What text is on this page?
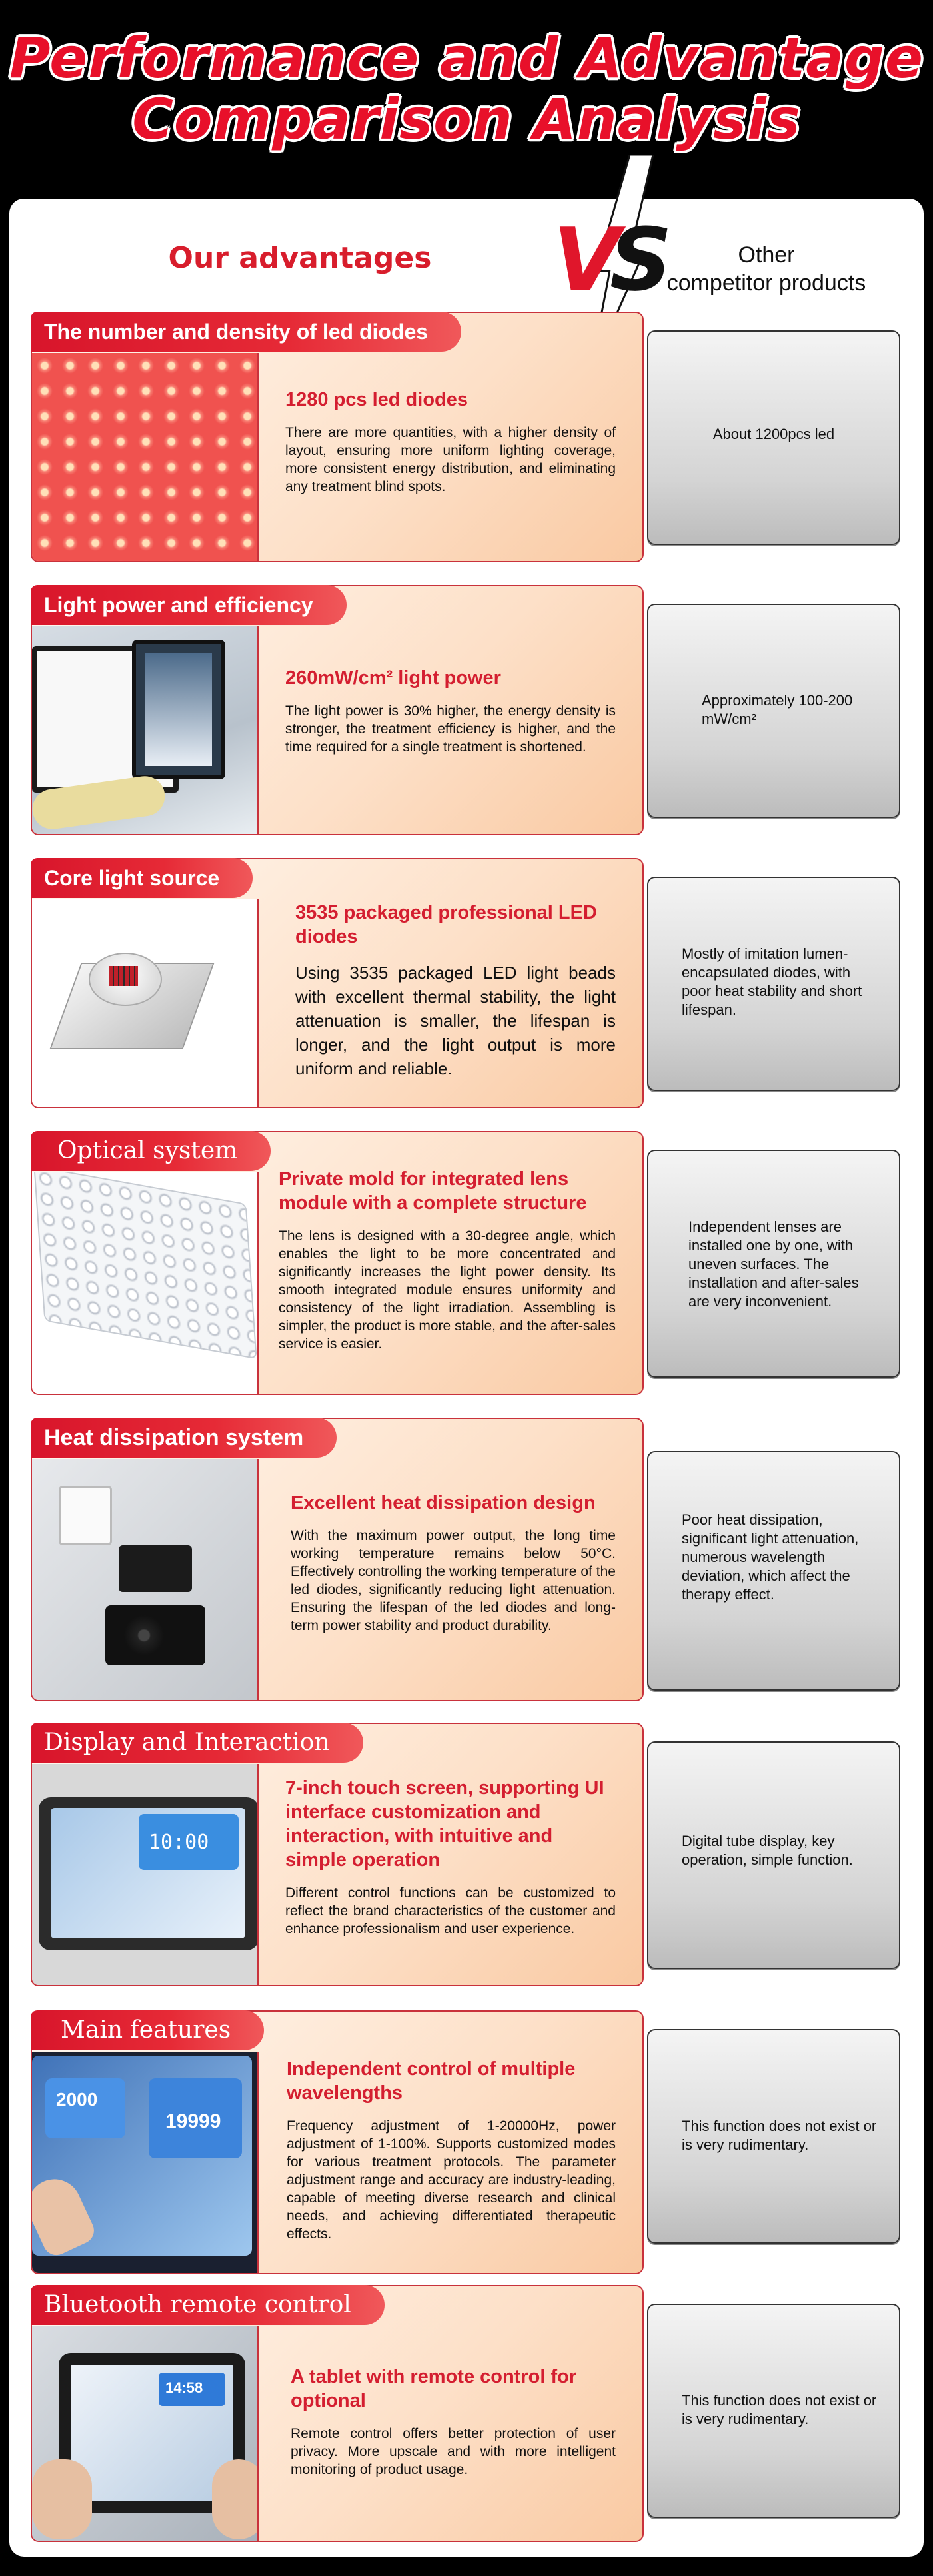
Performance and Advantage
Comparison Analysis
Our advantages V
S	Other
competitor products
1280 pcs led diodes
There are more quantities, with a higher density of layout, ensuring more uniform lighting coverage, more consistent energy distribution, and eliminating any treatment blind spots.
The number and density of led diodes
About 1200pcs led
260mW/cm² light power
The light power is 30% higher, the energy density is stronger, the treatment efficiency is higher, and the time required for a single treatment is shortened.
Light power and efficiency
Approximately 100-200 mW/cm²
3535 packaged professional LED diodes
Using 3535 packaged LED light beads with excellent thermal stability, the light attenuation is smaller, the lifespan is longer, and the light output is more uniform and reliable.
Core light source
Mostly of imitation lumen-encapsulated diodes, with poor heat stability and short lifespan.
Private mold for integrated lens module with a complete structure
The lens is designed with a 30-degree angle, which enables the light to be more concentrated and significantly increases the light power density. Its smooth integrated module ensures uniformity and consistency of the light irradiation. Assembling is simpler, the product is more stable, and the after-sales service is easier.
Optical system
Independent lenses are installed one by one, with uneven surfaces. The installation and after-sales are very inconvenient.
Excellent heat dissipation design
With the maximum power output, the long time working temperature remains below 50°C. Effectively controlling the working temperature of the led diodes, significantly reducing light attenuation. Ensuring the lifespan of the led diodes and long-term power stability and product durability.
Heat dissipation system
Poor heat dissipation, significant light attenuation, numerous wavelength deviation, which affect the therapy effect.
10:00
7-inch touch screen, supporting UI interface customization and interaction, with intuitive and simple operation
Different control functions can be customized to reflect the brand characteristics of the customer and enhance professionalism and user experience.
Display and Interaction
Digital tube display, key operation, simple function.
2000
19999
Independent control of multiple wavelengths
Frequency adjustment of 1-20000Hz, power adjustment of 1-100%. Supports customized modes for various treatment protocols. The parameter adjustment range and accuracy are industry-leading, capable of meeting diverse research and clinical needs, and achieving differentiated therapeutic effects.
Main features
This function does not exist or is very rudimentary.
14:58
A tablet with remote control for optional
Remote control offers better protection of user privacy. More upscale and with more intelligent monitoring of product usage.
Bluetooth remote control
This function does not exist or is very rudimentary.
